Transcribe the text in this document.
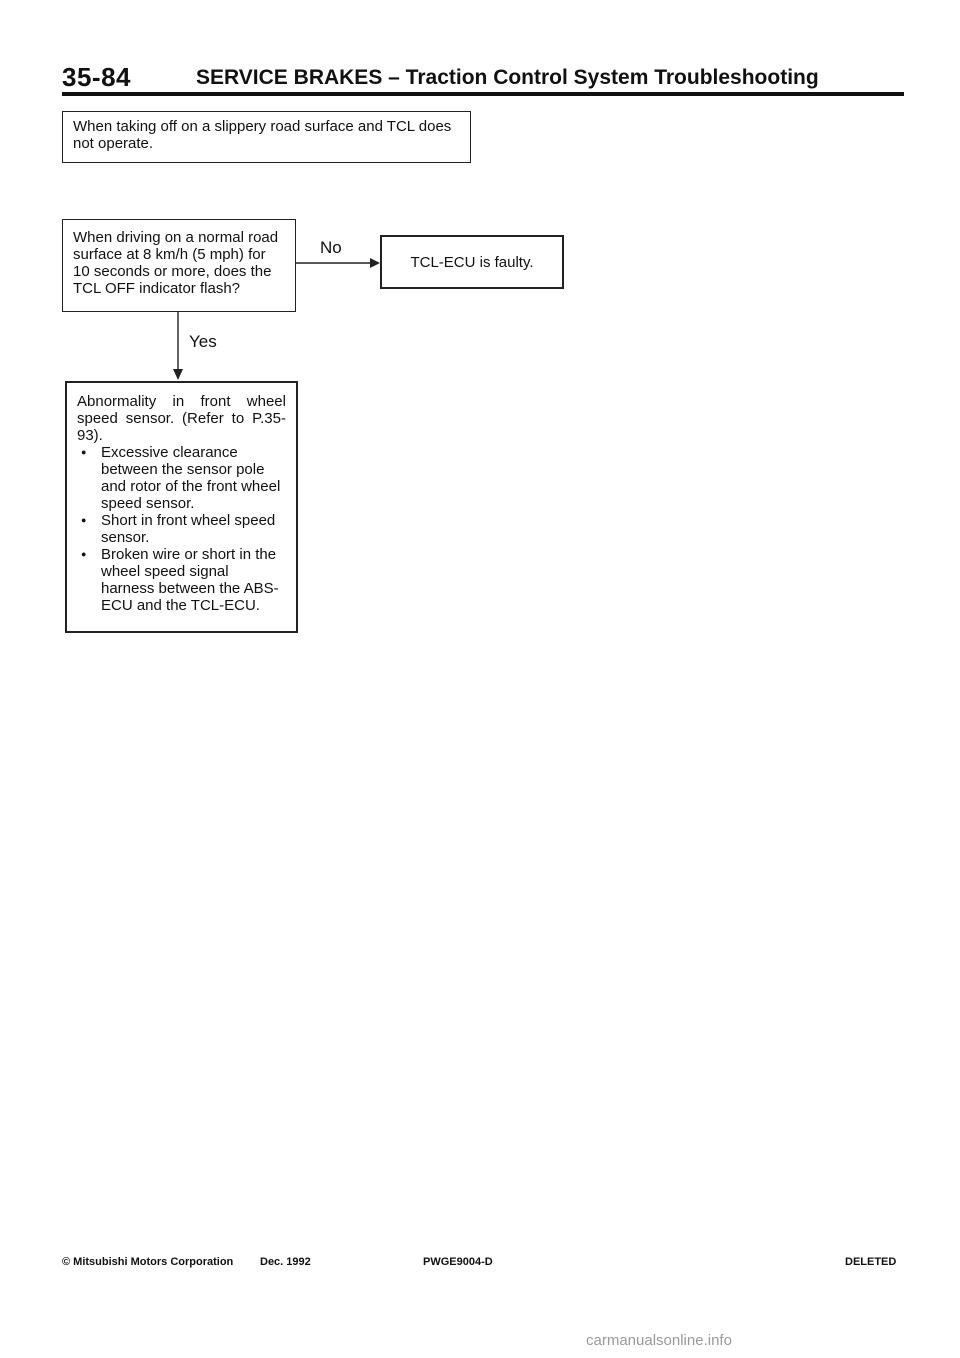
35-84	SERVICE BRAKES – Traction Control System Troubleshooting
When taking off on a slippery road surface and TCL does not operate.
When driving on a normal road surface at 8 km/h (5 mph) for 10 seconds or more, does the TCL OFF indicator flash?
No
TCL-ECU is faulty.
Yes
Abnormality in front wheel speed sensor. (Refer to P.35-93).
● Excessive clearance between the sensor pole and rotor of the front wheel speed sensor.
● Short in front wheel speed sensor.
● Broken wire or short in the wheel speed signal harness between the ABS-ECU and the TCL-ECU.
© Mitsubishi Motors Corporation Dec. 1992	PWGE9004-D	DELETED
carmanualsonline.info
